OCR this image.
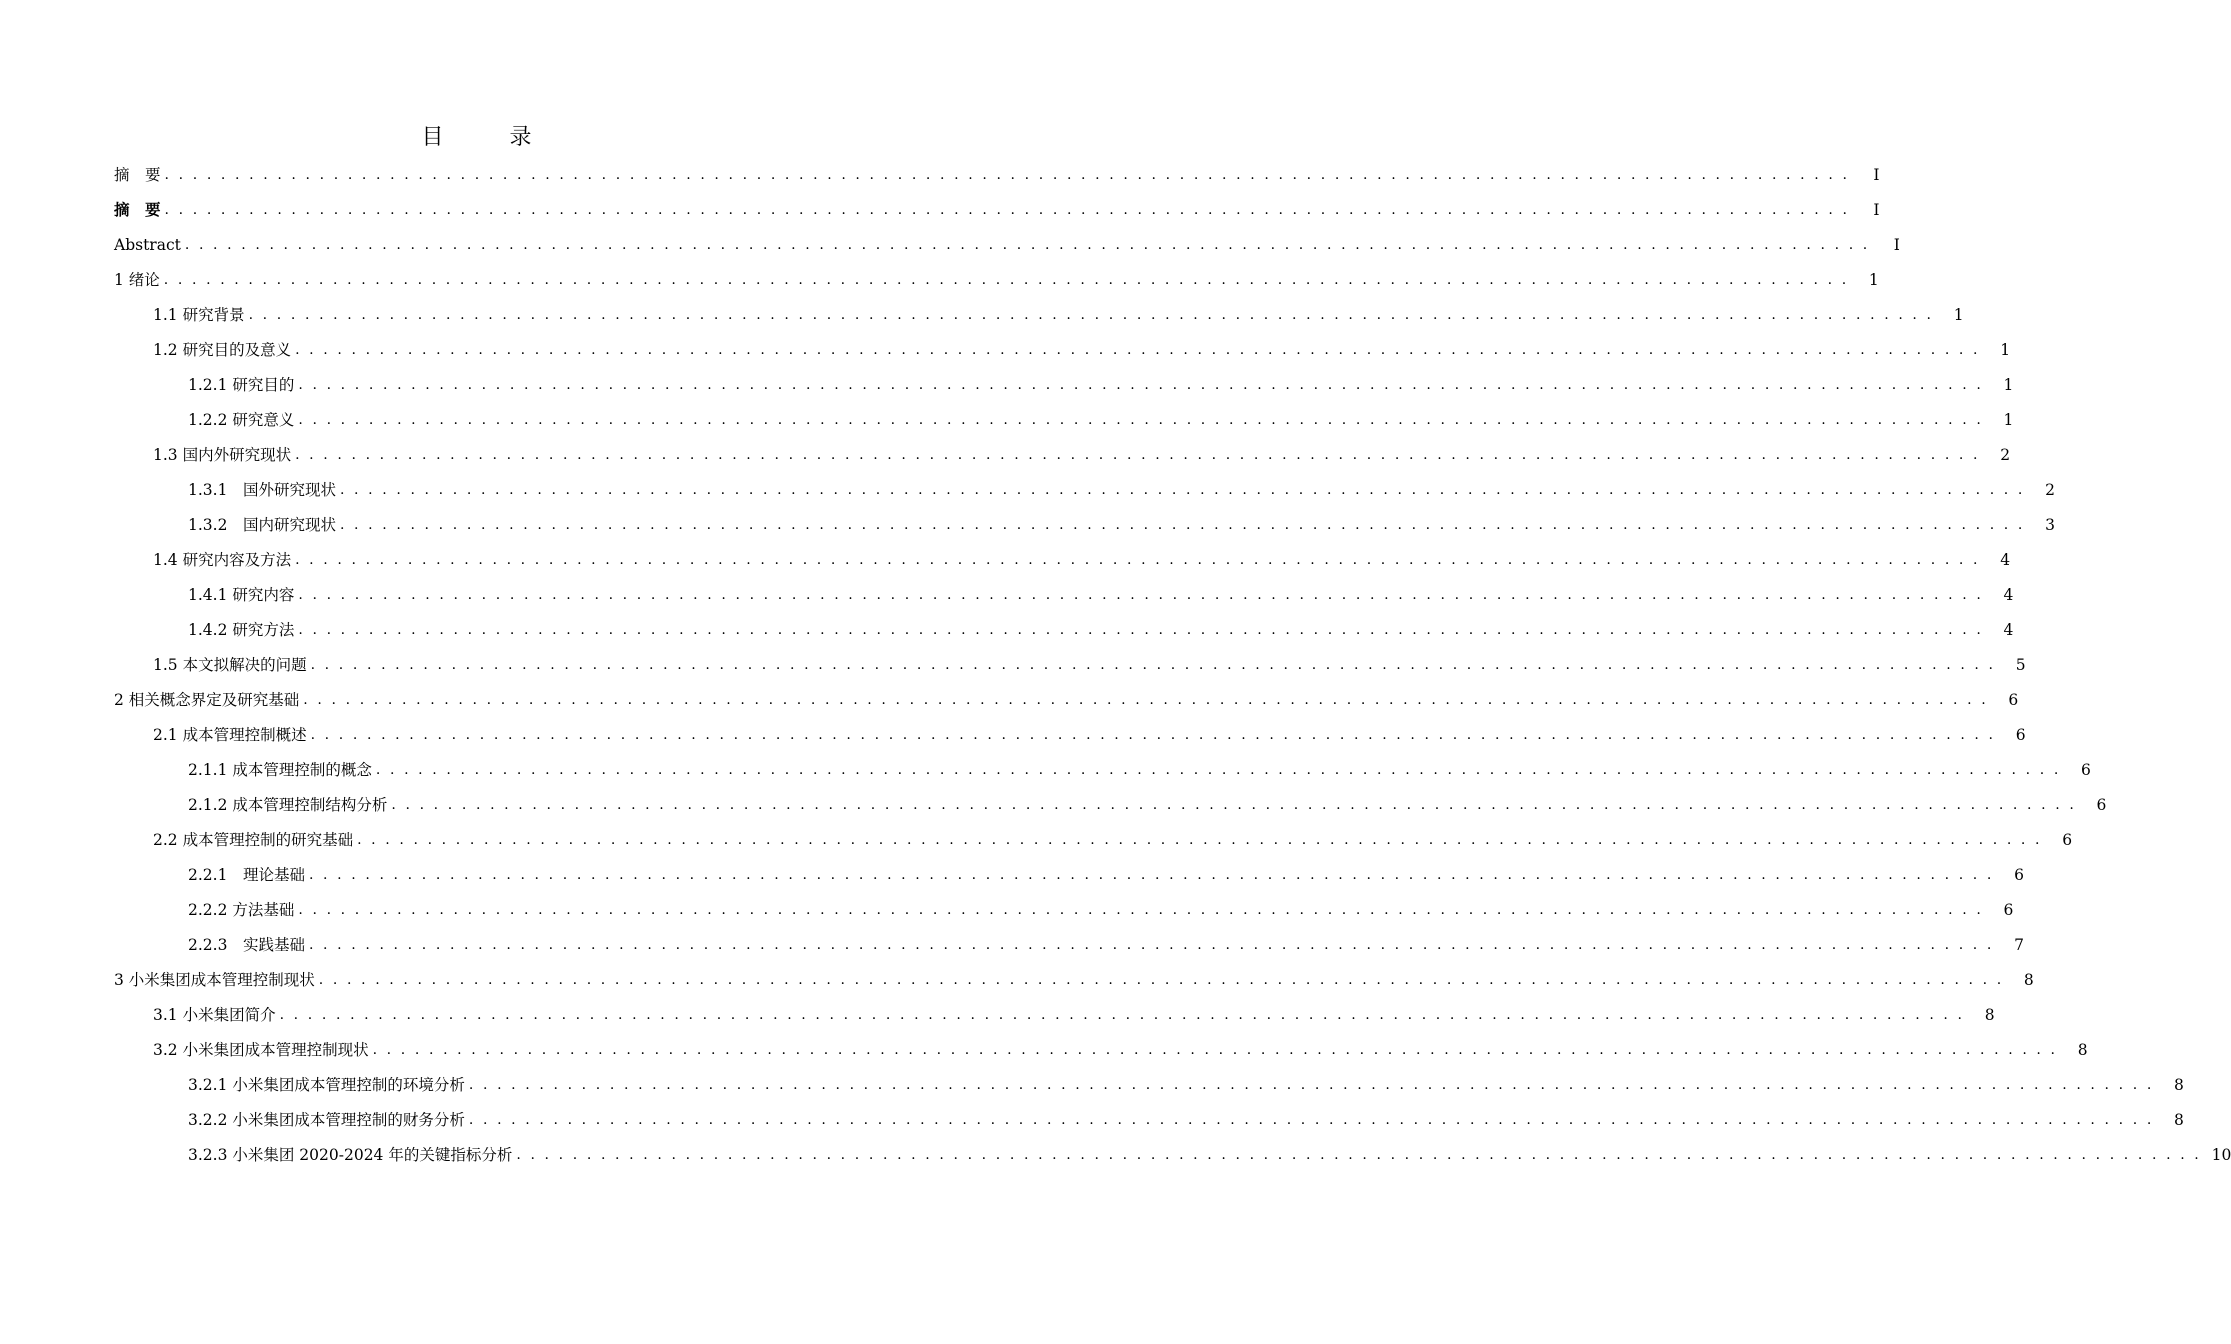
目　录
摘　要 . . . . . . . . . . . . . . . . . . . . . . . . . . . . . . . . . . . . . . . . . . . . . . . . . . . . . . . . . . . . . . . . . . . . . . . . . . . . . . . . . . . . . . . . . . . . . . . . . . . . . . . . . . . . . . . . . . . . . . . .	I
摘　要 . . . . . . . . . . . . . . . . . . . . . . . . . . . . . . . . . . . . . . . . . . . . . . . . . . . . . . . . . . . . . . . . . . . . . . . . . . . . . . . . . . . . . . . . . . . . . . . . . . . . . . . . . . . . . . . . . . . . . . . .	I
Abstract . . . . . . . . . . . . . . . . . . . . . . . . . . . . . . . . . . . . . . . . . . . . . . . . . . . . . . . . . . . . . . . . . . . . . . . . . . . . . . . . . . . . . . . . . . . . . . . . . . . . . . . . . . . . . . . . . . . . . . . .	I
1 绪论 . . . . . . . . . . . . . . . . . . . . . . . . . . . . . . . . . . . . . . . . . . . . . . . . . . . . . . . . . . . . . . . . . . . . . . . . . . . . . . . . . . . . . . . . . . . . . . . . . . . . . . . . . . . . . . . . . . . . . . . .	1
1.1 研究背景 . . . . . . . . . . . . . . . . . . . . . . . . . . . . . . . . . . . . . . . . . . . . . . . . . . . . . . . . . . . . . . . . . . . . . . . . . . . . . . . . . . . . . . . . . . . . . . . . . . . . . . . . . . . . . . . . . . . . . . . .	1
1.2 研究目的及意义 . . . . . . . . . . . . . . . . . . . . . . . . . . . . . . . . . . . . . . . . . . . . . . . . . . . . . . . . . . . . . . . . . . . . . . . . . . . . . . . . . . . . . . . . . . . . . . . . . . . . . . . . . . . . . . . . . . . . . . . .	1
1.2.1 研究目的 . . . . . . . . . . . . . . . . . . . . . . . . . . . . . . . . . . . . . . . . . . . . . . . . . . . . . . . . . . . . . . . . . . . . . . . . . . . . . . . . . . . . . . . . . . . . . . . . . . . . . . . . . . . . . . . . . . . . . . . .	1
1.2.2 研究意义 . . . . . . . . . . . . . . . . . . . . . . . . . . . . . . . . . . . . . . . . . . . . . . . . . . . . . . . . . . . . . . . . . . . . . . . . . . . . . . . . . . . . . . . . . . . . . . . . . . . . . . . . . . . . . . . . . . . . . . . .	1
1.3 国内外研究现状 . . . . . . . . . . . . . . . . . . . . . . . . . . . . . . . . . . . . . . . . . . . . . . . . . . . . . . . . . . . . . . . . . . . . . . . . . . . . . . . . . . . . . . . . . . . . . . . . . . . . . . . . . . . . . . . . . . . . . . . .	2
1.3.1　国外研究现状 . . . . . . . . . . . . . . . . . . . . . . . . . . . . . . . . . . . . . . . . . . . . . . . . . . . . . . . . . . . . . . . . . . . . . . . . . . . . . . . . . . . . . . . . . . . . . . . . . . . . . . . . . . . . . . . . . . . . . . . .	2
1.3.2　国内研究现状 . . . . . . . . . . . . . . . . . . . . . . . . . . . . . . . . . . . . . . . . . . . . . . . . . . . . . . . . . . . . . . . . . . . . . . . . . . . . . . . . . . . . . . . . . . . . . . . . . . . . . . . . . . . . . . . . . . . . . . . .	3
1.4 研究内容及方法 . . . . . . . . . . . . . . . . . . . . . . . . . . . . . . . . . . . . . . . . . . . . . . . . . . . . . . . . . . . . . . . . . . . . . . . . . . . . . . . . . . . . . . . . . . . . . . . . . . . . . . . . . . . . . . . . . . . . . . . .	4
1.4.1 研究内容 . . . . . . . . . . . . . . . . . . . . . . . . . . . . . . . . . . . . . . . . . . . . . . . . . . . . . . . . . . . . . . . . . . . . . . . . . . . . . . . . . . . . . . . . . . . . . . . . . . . . . . . . . . . . . . . . . . . . . . . .	4
1.4.2 研究方法 . . . . . . . . . . . . . . . . . . . . . . . . . . . . . . . . . . . . . . . . . . . . . . . . . . . . . . . . . . . . . . . . . . . . . . . . . . . . . . . . . . . . . . . . . . . . . . . . . . . . . . . . . . . . . . . . . . . . . . . .	4
1.5 本文拟解决的问题 . . . . . . . . . . . . . . . . . . . . . . . . . . . . . . . . . . . . . . . . . . . . . . . . . . . . . . . . . . . . . . . . . . . . . . . . . . . . . . . . . . . . . . . . . . . . . . . . . . . . . . . . . . . . . . . . . . . . . . . .	5
2 相关概念界定及研究基础 . . . . . . . . . . . . . . . . . . . . . . . . . . . . . . . . . . . . . . . . . . . . . . . . . . . . . . . . . . . . . . . . . . . . . . . . . . . . . . . . . . . . . . . . . . . . . . . . . . . . . . . . . . . . . . . . . . . . . . . .	6
2.1 成本管理控制概述 . . . . . . . . . . . . . . . . . . . . . . . . . . . . . . . . . . . . . . . . . . . . . . . . . . . . . . . . . . . . . . . . . . . . . . . . . . . . . . . . . . . . . . . . . . . . . . . . . . . . . . . . . . . . . . . . . . . . . . . .	6
2.1.1 成本管理控制的概念 . . . . . . . . . . . . . . . . . . . . . . . . . . . . . . . . . . . . . . . . . . . . . . . . . . . . . . . . . . . . . . . . . . . . . . . . . . . . . . . . . . . . . . . . . . . . . . . . . . . . . . . . . . . . . . . . . . . . . . . .	6
2.1.2 成本管理控制结构分析 . . . . . . . . . . . . . . . . . . . . . . . . . . . . . . . . . . . . . . . . . . . . . . . . . . . . . . . . . . . . . . . . . . . . . . . . . . . . . . . . . . . . . . . . . . . . . . . . . . . . . . . . . . . . . . . . . . . . . . . .	6
2.2 成本管理控制的研究基础 . . . . . . . . . . . . . . . . . . . . . . . . . . . . . . . . . . . . . . . . . . . . . . . . . . . . . . . . . . . . . . . . . . . . . . . . . . . . . . . . . . . . . . . . . . . . . . . . . . . . . . . . . . . . . . . . . . . . . . . .	6
2.2.1　理论基础 . . . . . . . . . . . . . . . . . . . . . . . . . . . . . . . . . . . . . . . . . . . . . . . . . . . . . . . . . . . . . . . . . . . . . . . . . . . . . . . . . . . . . . . . . . . . . . . . . . . . . . . . . . . . . . . . . . . . . . . .	6
2.2.2 方法基础 . . . . . . . . . . . . . . . . . . . . . . . . . . . . . . . . . . . . . . . . . . . . . . . . . . . . . . . . . . . . . . . . . . . . . . . . . . . . . . . . . . . . . . . . . . . . . . . . . . . . . . . . . . . . . . . . . . . . . . . .	6
2.2.3　实践基础 . . . . . . . . . . . . . . . . . . . . . . . . . . . . . . . . . . . . . . . . . . . . . . . . . . . . . . . . . . . . . . . . . . . . . . . . . . . . . . . . . . . . . . . . . . . . . . . . . . . . . . . . . . . . . . . . . . . . . . . .	7
3 小米集团成本管理控制现状 . . . . . . . . . . . . . . . . . . . . . . . . . . . . . . . . . . . . . . . . . . . . . . . . . . . . . . . . . . . . . . . . . . . . . . . . . . . . . . . . . . . . . . . . . . . . . . . . . . . . . . . . . . . . . . . . . . . . . . . .	8
3.1 小米集团简介 . . . . . . . . . . . . . . . . . . . . . . . . . . . . . . . . . . . . . . . . . . . . . . . . . . . . . . . . . . . . . . . . . . . . . . . . . . . . . . . . . . . . . . . . . . . . . . . . . . . . . . . . . . . . . . . . . . . . . . . .	8
3.2 小米集团成本管理控制现状 . . . . . . . . . . . . . . . . . . . . . . . . . . . . . . . . . . . . . . . . . . . . . . . . . . . . . . . . . . . . . . . . . . . . . . . . . . . . . . . . . . . . . . . . . . . . . . . . . . . . . . . . . . . . . . . . . . . . . . . .	8
3.2.1 小米集团成本管理控制的环境分析 . . . . . . . . . . . . . . . . . . . . . . . . . . . . . . . . . . . . . . . . . . . . . . . . . . . . . . . . . . . . . . . . . . . . . . . . . . . . . . . . . . . . . . . . . . . . . . . . . . . . . . . . . . . . . . . . . . . . . . . .	8
3.2.2 小米集团成本管理控制的财务分析 . . . . . . . . . . . . . . . . . . . . . . . . . . . . . . . . . . . . . . . . . . . . . . . . . . . . . . . . . . . . . . . . . . . . . . . . . . . . . . . . . . . . . . . . . . . . . . . . . . . . . . . . . . . . . . . . . . . . . . . .	8
3.2.3 小米集团 2020-2024 年的关键指标分析 . . . . . . . . . . . . . . . . . . . . . . . . . . . . . . . . . . . . . . . . . . . . . . . . . . . . . . . . . . . . . . . . . . . . . . . . . . . . . . . . . . . . . . . . . . . . . . . . . . . . . . . . . . . . . . . . . . . . . . . . 10
